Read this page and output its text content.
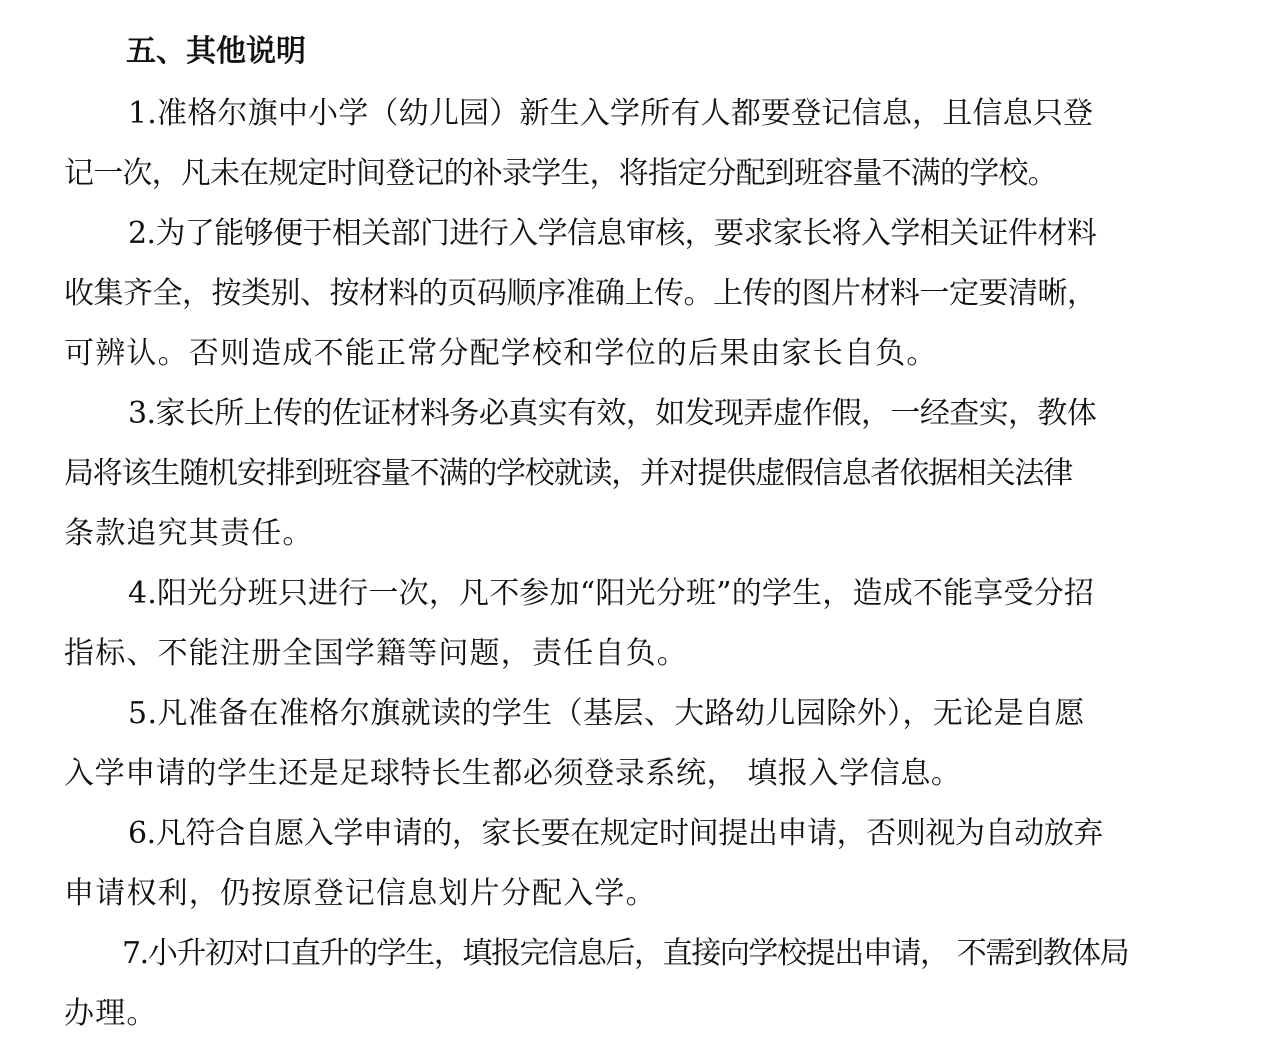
五、其他说明

1.准格尔旗中小学（幼儿园）新生入学所有人都要登记信息，且信息只登

记一次，凡未在规定时间登记的补录学生，将指定分配到班容量不满的学校。

2.为了能够便于相关部门进行入学信息审核，要求家长将入学相关证件材料

收集齐全，按类别、按材料的页码顺序准确上传。上传的图片材料一定要清晰，

可辨认。否则造成不能正常分配学校和学位的后果由家长自负。

3.家长所上传的佐证材料务必真实有效，如发现弄虚作假，一经查实，教体

局将该生随机安排到班容量不满的学校就读，并对提供虚假信息者依据相关法律

条款追究其责任。

4.阳光分班只进行一次，凡不参加“阳光分班”的学生，造成不能享受分招

指标、不能注册全国学籍等问题，责任自负。

5.凡准备在准格尔旗就读的学生（基层、大路幼儿园除外），无论是自愿

入学申请的学生还是足球特长生都必须登录系统， 填报入学信息。

6.凡符合自愿入学申请的，家长要在规定时间提出申请，否则视为自动放弃

申请权利，仍按原登记信息划片分配入学。

7.小升初对口直升的学生，填报完信息后，直接向学校提出申请， 不需到教体局

办理。
